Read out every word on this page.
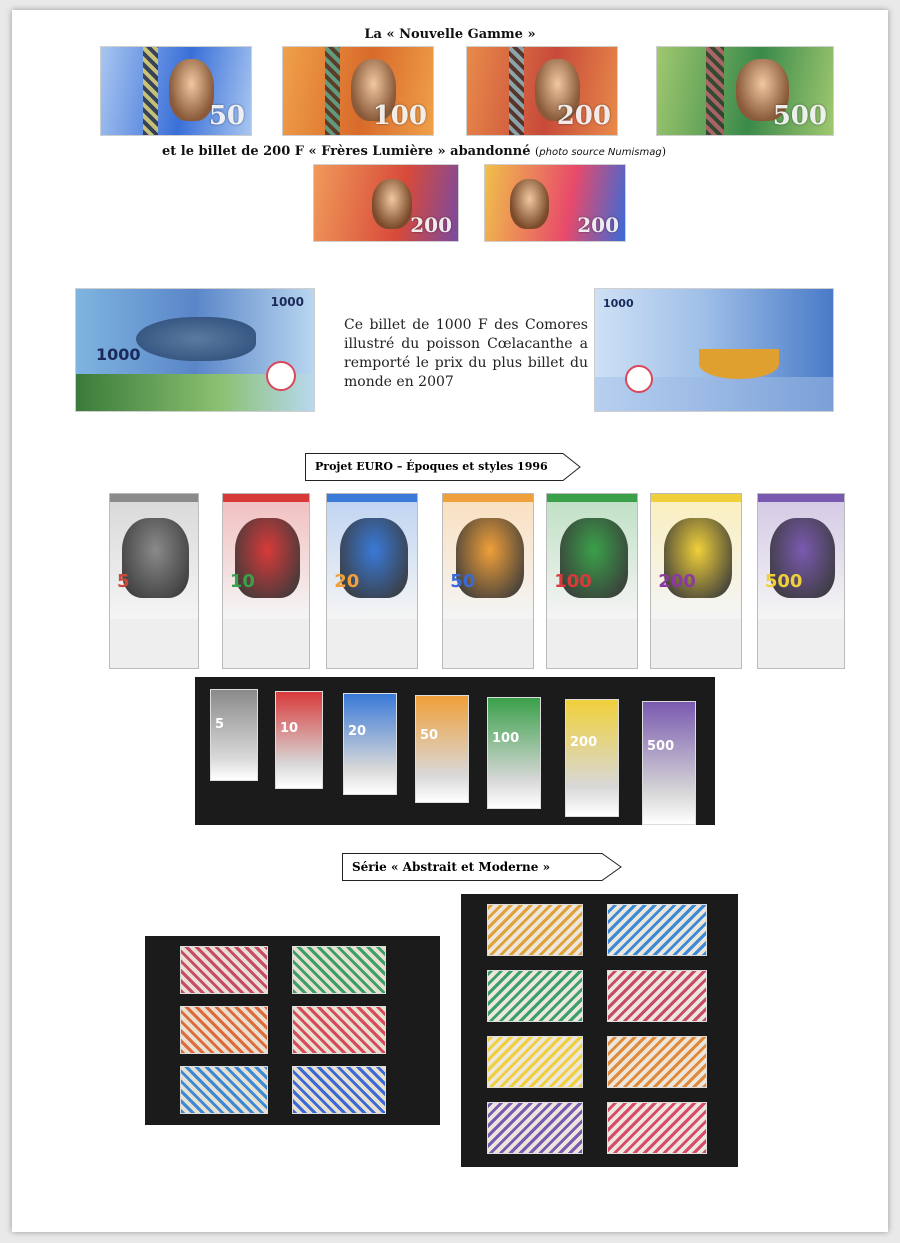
La « Nouvelle Gamme »
et le billet de 200 F « Frères Lumière » abandonné (photo source Numismag)
1000
1000
Ce billet de 1000 F des Comores illustré du poisson Cœlacanthe a remporté le prix du plus billet du monde en 2007
1000
Projet EURO – Époques et styles 1996
5	10	20	50	100	200	500
Série « Abstrait et Moderne »
50	100	200	500
200	200
5	10	20	50	100	200	500
